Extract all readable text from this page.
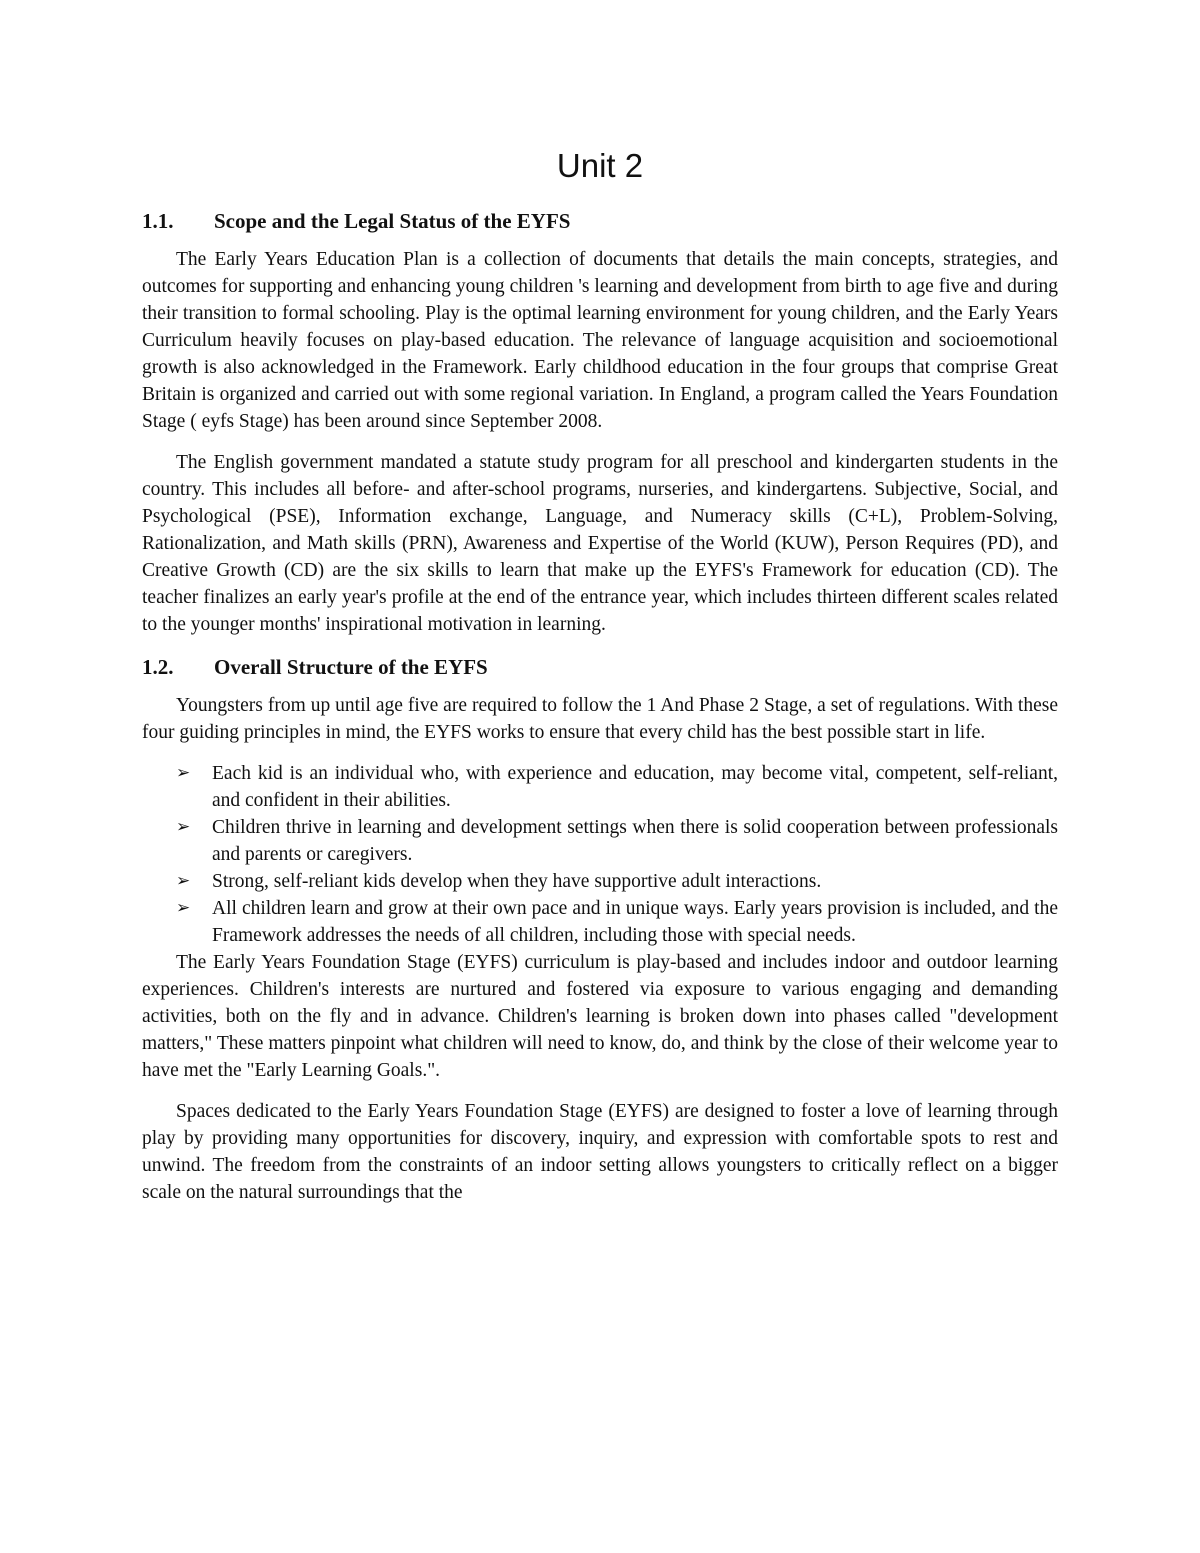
Unit 2
1.1.	Scope and the Legal Status of the EYFS

The Early Years Education Plan is a collection of documents that details the main concepts, strategies, and outcomes for supporting and enhancing young children 's learning and development from birth to age five and during their transition to formal schooling. Play is the optimal learning environment for young children, and the Early Years Curriculum heavily focuses on play-based education. The relevance of language acquisition and socioemotional growth is also acknowledged in the Framework. Early childhood education in the four groups that comprise Great Britain is organized and carried out with some regional variation. In England, a program called the Years Foundation Stage ( eyfs Stage) has been around since September 2008.

The English government mandated a statute study program for all preschool and kindergarten students in the country. This includes all before- and after-school programs, nurseries, and kindergartens. Subjective, Social, and Psychological (PSE), Information exchange, Language, and Numeracy skills (C+L), Problem-Solving, Rationalization, and Math skills (PRN), Awareness and Expertise of the World (KUW), Person Requires (PD), and Creative Growth (CD) are the six skills to learn that make up the EYFS's Framework for education (CD). The teacher finalizes an early year's profile at the end of the entrance year, which includes thirteen different scales related to the younger months' inspirational motivation in learning.

1.2.	Overall Structure of the EYFS

Youngsters from up until age five are required to follow the 1 And Phase 2 Stage, a set of regulations. With these four guiding principles in mind, the EYFS works to ensure that every child has the best possible start in life.

➢ Each kid is an individual who, with experience and education, may become vital, competent, self-reliant, and confident in their abilities.
➢ Children thrive in learning and development settings when there is solid cooperation between professionals and parents or caregivers.
➢ Strong, self-reliant kids develop when they have supportive adult interactions.
➢ All children learn and grow at their own pace and in unique ways. Early years provision is included, and the Framework addresses the needs of all children, including those with special needs.

The Early Years Foundation Stage (EYFS) curriculum is play-based and includes indoor and outdoor learning experiences. Children's interests are nurtured and fostered via exposure to various engaging and demanding activities, both on the fly and in advance. Children's learning is broken down into phases called "development matters," These matters pinpoint what children will need to know, do, and think by the close of their welcome year to have met the "Early Learning Goals.".

Spaces dedicated to the Early Years Foundation Stage (EYFS) are designed to foster a love of learning through play by providing many opportunities for discovery, inquiry, and expression with comfortable spots to rest and unwind. The freedom from the constraints of an indoor setting allows youngsters to critically reflect on a bigger scale on the natural surroundings that the
